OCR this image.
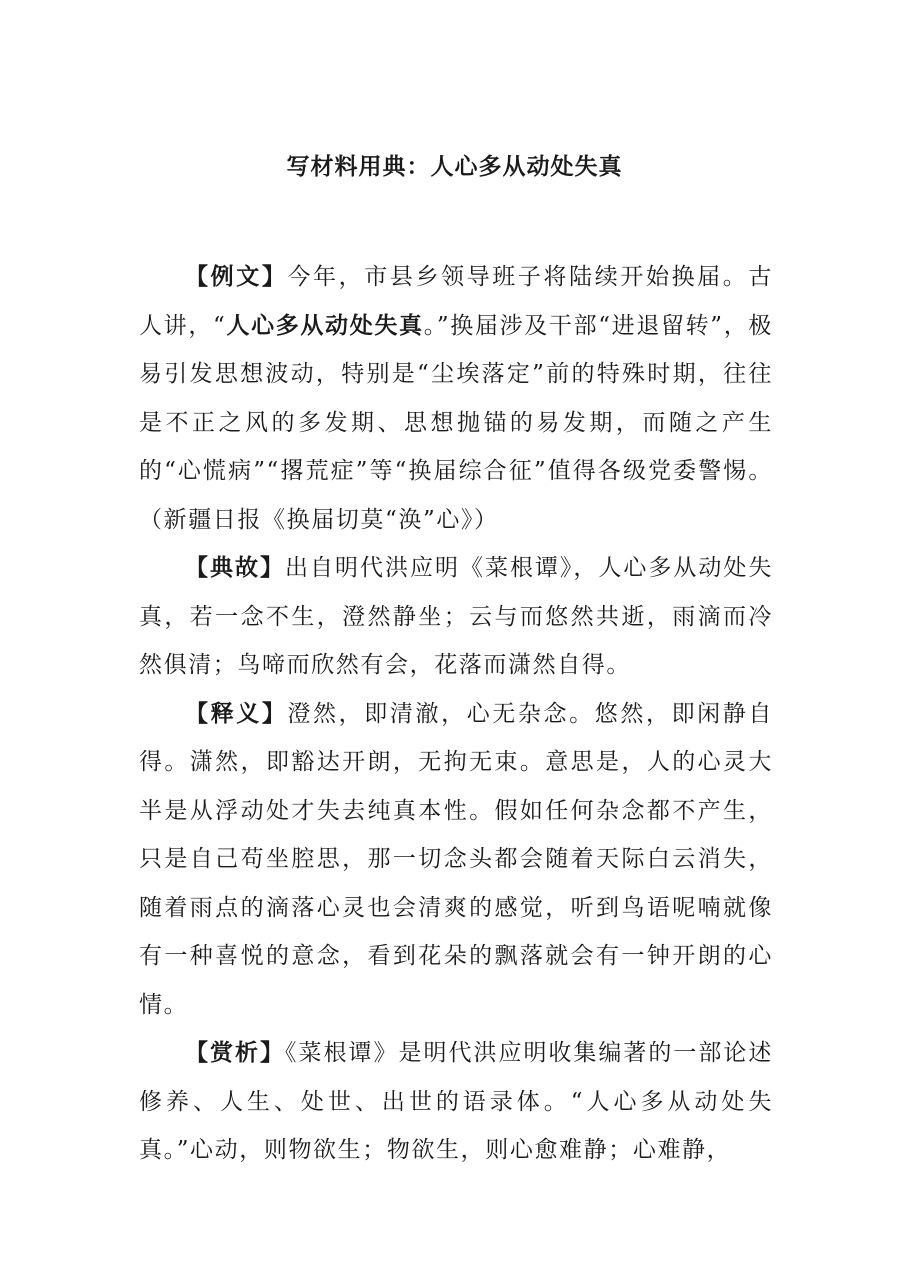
写材料用典：人心多从动处失真

【例文】今年，市县乡领导班子将陆续开始换届。古人讲，“人心多从动处失真。”换届涉及干部“进退留转”，极易引发思想波动，特别是“尘埃落定”前的特殊时期，往往是不正之风的多发期、思想抛锚的易发期，而随之产生的“心慌病”“撂荒症”等“换届综合征”值得各级党委警惕。（新疆日报《换届切莫“涣”心》）

【典故】出自明代洪应明《菜根谭》，人心多从动处失真，若一念不生，澄然静坐；云与而悠然共逝，雨滴而冷然俱清；鸟啼而欣然有会，花落而潇然自得。

【释义】澄然，即清澈，心无杂念。悠然，即闲静自得。潇然，即豁达开朗，无拘无束。意思是，人的心灵大半是从浮动处才失去纯真本性。假如任何杂念都不产生，只是自己苟坐腔思，那一切念头都会随着天际白云消失，随着雨点的滴落心灵也会清爽的感觉，听到鸟语呢喃就像有一种喜悦的意念，看到花朵的飘落就会有一钟开朗的心情。

【赏析】《菜根谭》是明代洪应明收集编著的一部论述修养、人生、处世、出世的语录体。“人心多从动处失真。”心动，则物欲生；物欲生，则心愈难静；心难静，
